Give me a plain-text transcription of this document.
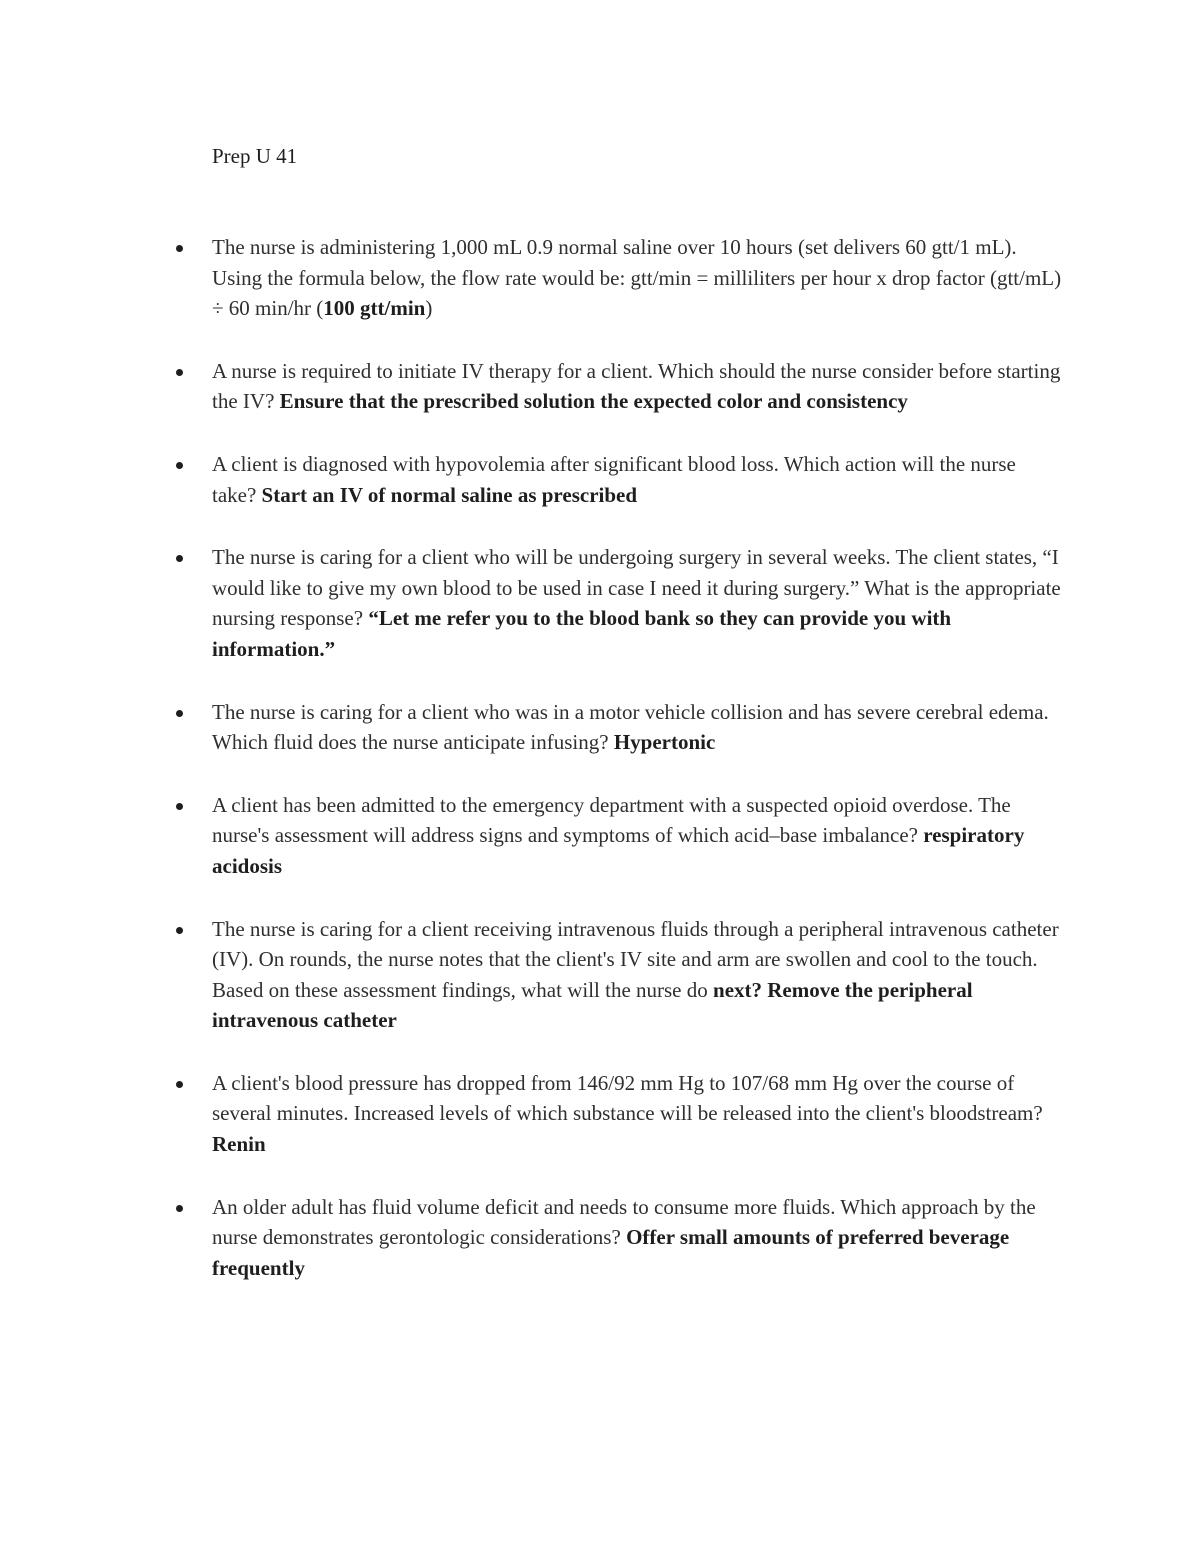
Prep U 41
The nurse is administering 1,000 mL 0.9 normal saline over 10 hours (set delivers 60 gtt/1 mL). Using the formula below, the flow rate would be: gtt/min = milliliters per hour x drop factor (gtt/mL) ÷ 60 min/hr (100 gtt/min)
A nurse is required to initiate IV therapy for a client. Which should the nurse consider before starting the IV? Ensure that the prescribed solution the expected color and consistency
A client is diagnosed with hypovolemia after significant blood loss. Which action will the nurse take? Start an IV of normal saline as prescribed
The nurse is caring for a client who will be undergoing surgery in several weeks. The client states, “I would like to give my own blood to be used in case I need it during surgery.” What is the appropriate nursing response? “Let me refer you to the blood bank so they can provide you with information.”
The nurse is caring for a client who was in a motor vehicle collision and has severe cerebral edema. Which fluid does the nurse anticipate infusing? Hypertonic
A client has been admitted to the emergency department with a suspected opioid overdose. The nurse's assessment will address signs and symptoms of which acid–base imbalance? respiratory acidosis
The nurse is caring for a client receiving intravenous fluids through a peripheral intravenous catheter (IV). On rounds, the nurse notes that the client's IV site and arm are swollen and cool to the touch. Based on these assessment findings, what will the nurse do next? Remove the peripheral intravenous catheter
A client's blood pressure has dropped from 146/92 mm Hg to 107/68 mm Hg over the course of several minutes. Increased levels of which substance will be released into the client's bloodstream? Renin
An older adult has fluid volume deficit and needs to consume more fluids. Which approach by the nurse demonstrates gerontologic considerations? Offer small amounts of preferred beverage frequently
